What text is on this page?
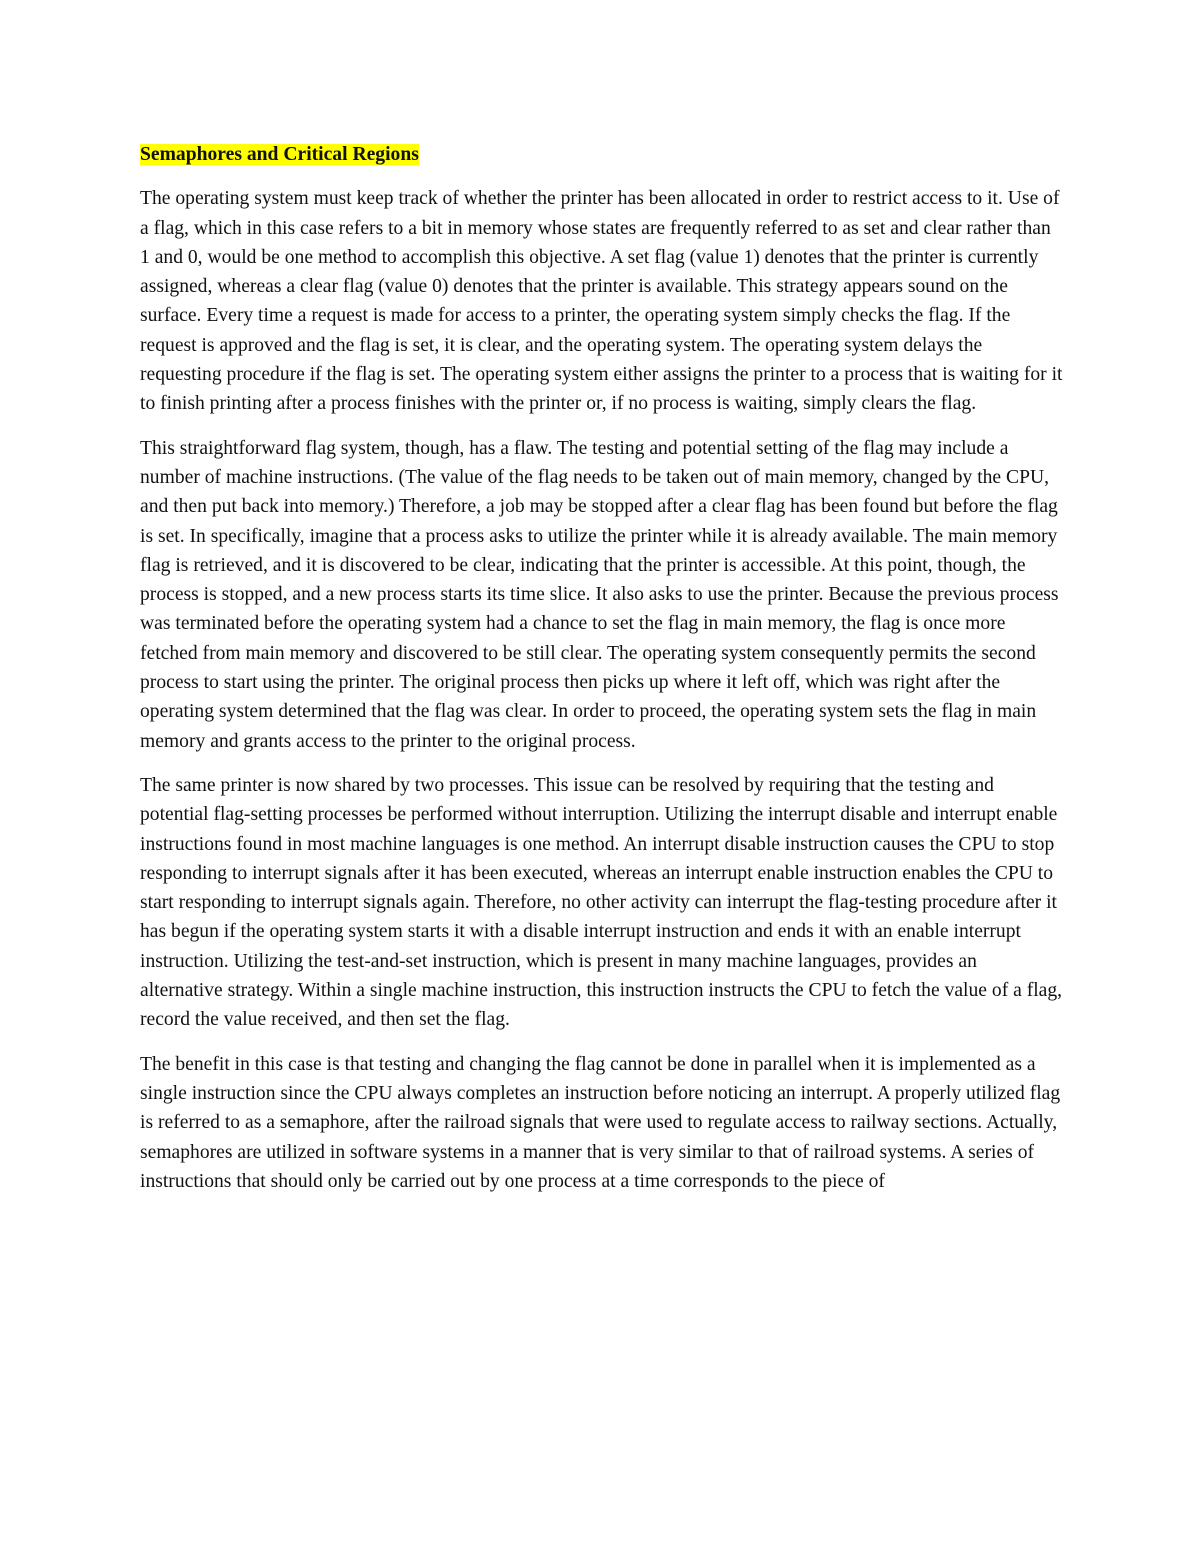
Semaphores and Critical Regions

The operating system must keep track of whether the printer has been allocated in order to restrict access to it. Use of a flag, which in this case refers to a bit in memory whose states are frequently referred to as set and clear rather than 1 and 0, would be one method to accomplish this objective. A set flag (value 1) denotes that the printer is currently assigned, whereas a clear flag (value 0) denotes that the printer is available. This strategy appears sound on the surface. Every time a request is made for access to a printer, the operating system simply checks the flag. If the request is approved and the flag is set, it is clear, and the operating system. The operating system delays the requesting procedure if the flag is set. The operating system either assigns the printer to a process that is waiting for it to finish printing after a process finishes with the printer or, if no process is waiting, simply clears the flag.

This straightforward flag system, though, has a flaw. The testing and potential setting of the flag may include a number of machine instructions. (The value of the flag needs to be taken out of main memory, changed by the CPU, and then put back into memory.) Therefore, a job may be stopped after a clear flag has been found but before the flag is set. In specifically, imagine that a process asks to utilize the printer while it is already available. The main memory flag is retrieved, and it is discovered to be clear, indicating that the printer is accessible. At this point, though, the process is stopped, and a new process starts its time slice. It also asks to use the printer. Because the previous process was terminated before the operating system had a chance to set the flag in main memory, the flag is once more fetched from main memory and discovered to be still clear. The operating system consequently permits the second process to start using the printer. The original process then picks up where it left off, which was right after the operating system determined that the flag was clear. In order to proceed, the operating system sets the flag in main memory and grants access to the printer to the original process.

The same printer is now shared by two processes. This issue can be resolved by requiring that the testing and potential flag-setting processes be performed without interruption. Utilizing the interrupt disable and interrupt enable instructions found in most machine languages is one method. An interrupt disable instruction causes the CPU to stop responding to interrupt signals after it has been executed, whereas an interrupt enable instruction enables the CPU to start responding to interrupt signals again. Therefore, no other activity can interrupt the flag-testing procedure after it has begun if the operating system starts it with a disable interrupt instruction and ends it with an enable interrupt instruction. Utilizing the test-and-set instruction, which is present in many machine languages, provides an alternative strategy. Within a single machine instruction, this instruction instructs the CPU to fetch the value of a flag, record the value received, and then set the flag.

The benefit in this case is that testing and changing the flag cannot be done in parallel when it is implemented as a single instruction since the CPU always completes an instruction before noticing an interrupt. A properly utilized flag is referred to as a semaphore, after the railroad signals that were used to regulate access to railway sections. Actually, semaphores are utilized in software systems in a manner that is very similar to that of railroad systems. A series of instructions that should only be carried out by one process at a time corresponds to the piece of
